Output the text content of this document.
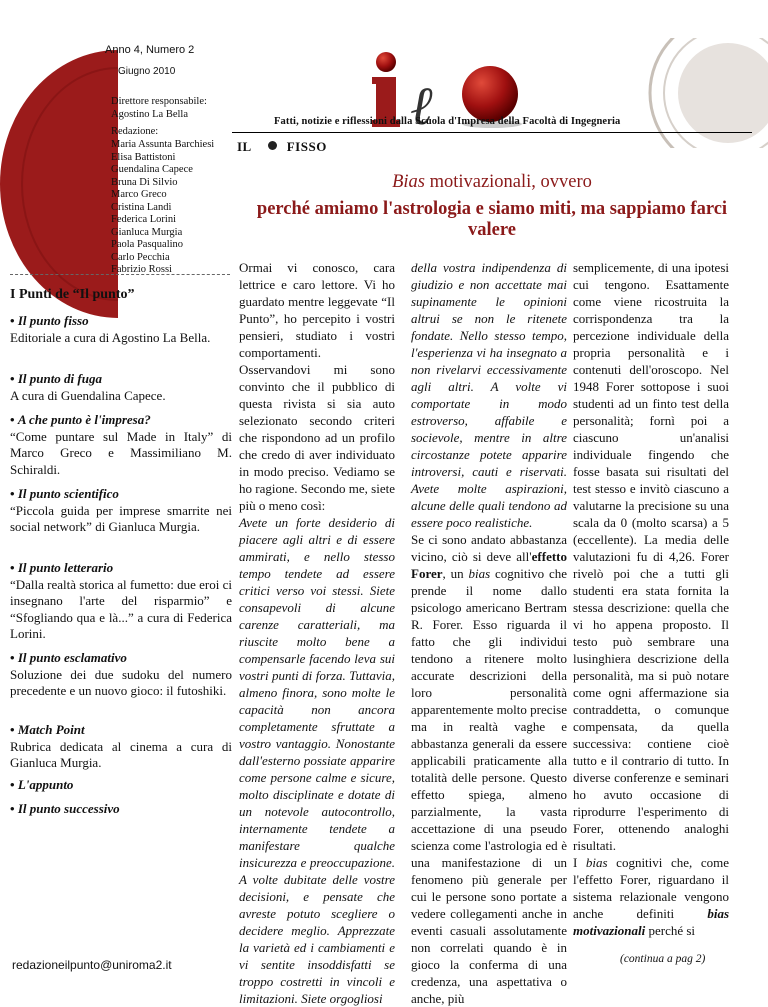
Anno 4, Numero 2
Giugno 2010
Direttore responsabile:
Agostino La Bella
Redazione:
Maria Assunta Barchiesi
Elisa Battistoni
Guendalina Capece
Bruna Di Silvio
Marco Greco
Cristina Landi
Federica Lorini
Gianluca Murgia
Paola Pasqualino
Carlo Pecchia
Fabrizio Rossi
ℓ
Fatti, notizie e riflessioni dalla Scuola d'Impresa della Facoltà di Ingegneria
IL	FISSO
Bias motivazionali, ovvero
perché amiamo l'astrologia e siamo miti, ma sappiamo farci valere
I Punti de “Il punto”
• Il punto fisso
Editoriale a cura di Agostino La Bella.
• Il punto di fuga
A cura di Guendalina Capece.
• A che punto è l'impresa?
“Come puntare sul Made in Italy” di Marco Greco e Massimiliano M. Schiraldi.
• Il punto scientifico
“Piccola guida per imprese smarrite nei social network” di Gianluca Murgia.
• Il punto letterario
“Dalla realtà storica al fumetto: due eroi ci insegnano l'arte del risparmio” e “Sfogliando qua e là...” a cura di Federica Lorini.
• Il punto esclamativo
Soluzione dei due sudoku del numero precedente e un nuovo gioco: il futoshiki.
• Match Point
Rubrica dedicata al cinema a cura di Gianluca Murgia.
• L'appunto
• Il punto successivo
redazioneilpunto@uniroma2.it
Ormai vi conosco, cara lettrice e caro lettore. Vi ho guardato mentre leggevate “Il Punto”, ho percepito i vostri pensieri, studiato i vostri comportamenti. Osservandovi mi sono convinto che il pubblico di questa rivista si sia auto selezionato secondo criteri che rispondono ad un profilo che credo di aver individuato in modo preciso. Vediamo se ho ragione. Secondo me, siete più o meno così:
Avete un forte desiderio di piacere agli altri e di essere ammirati, e nello stesso tempo tendete ad essere critici verso voi stessi. Siete consapevoli di alcune carenze caratteriali, ma riuscite molto bene a compensarle facendo leva sui vostri punti di forza. Tuttavia, almeno finora, sono molte le capacità non ancora completamente sfruttate a vostro vantaggio. Nonostante dall'esterno possiate apparire come persone calme e sicure, molto disciplinate e dotate di un notevole autocontrollo, internamente tendete a manifestare qualche insicurezza e preoccupazione. A volte dubitate delle vostre decisioni, e pensate che avreste potuto scegliere o decidere meglio. Apprezzate la varietà ed i cambiamenti e vi sentite insoddisfatti se troppo costretti in vincoli e limitazioni. Siete orgogliosi
della vostra indipendenza di giudizio e non accettate mai supinamente le opinioni altrui se non le ritenete fondate. Nello stesso tempo, l'esperienza vi ha insegnato a non rivelarvi eccessivamente agli altri. A volte vi comportate in modo estroverso, affabile e socievole, mentre in altre circostanze potete apparire introversi, cauti e riservati. Avete molte aspirazioni, alcune delle quali tendono ad essere poco realistiche.
Se ci sono andato abbastanza vicino, ciò si deve all'effetto Forer, un bias cognitivo che prende il nome dallo psicologo americano Bertram R. Forer. Esso riguarda il fatto che gli individui tendono a ritenere molto accurate descrizioni della loro personalità apparentemente molto precise ma in realtà vaghe e abbastanza generali da essere applicabili praticamente alla totalità delle persone. Questo effetto spiega, almeno parzialmente, la vasta accettazione di una pseudo scienza come l'astrologia ed è una manifestazione di un fenomeno più generale per cui le persone sono portate a vedere collegamenti anche in eventi casuali assolutamente non correlati quando è in gioco la conferma di una credenza, una aspettativa o anche, più
semplicemente, di una ipotesi cui tengono. Esattamente come viene ricostruita la corrispondenza tra la percezione individuale della propria personalità e i contenuti dell'oroscopo. Nel 1948 Forer sottopose i suoi studenti ad un finto test della personalità; fornì poi a ciascuno un'analisi individuale fingendo che fosse basata sui risultati del test stesso e invitò ciascuno a valutarne la precisione su una scala da 0 (molto scarsa) a 5 (eccellente). La media delle valutazioni fu di 4,26. Forer rivelò poi che a tutti gli studenti era stata fornita la stessa descrizione: quella che vi ho appena proposto. Il testo può sembrare una lusinghiera descrizione della personalità, ma si può notare come ogni affermazione sia contraddetta, o comunque compensata, da quella successiva: contiene cioè tutto e il contrario di tutto. In diverse conferenze e seminari ho avuto occasione di riprodurre l'esperimento di Forer, ottenendo analoghi risultati.
I bias cognitivi che, come l'effetto Forer, riguardano il sistema relazionale vengono anche definiti bias motivazionali perché si
(continua a pag 2)
